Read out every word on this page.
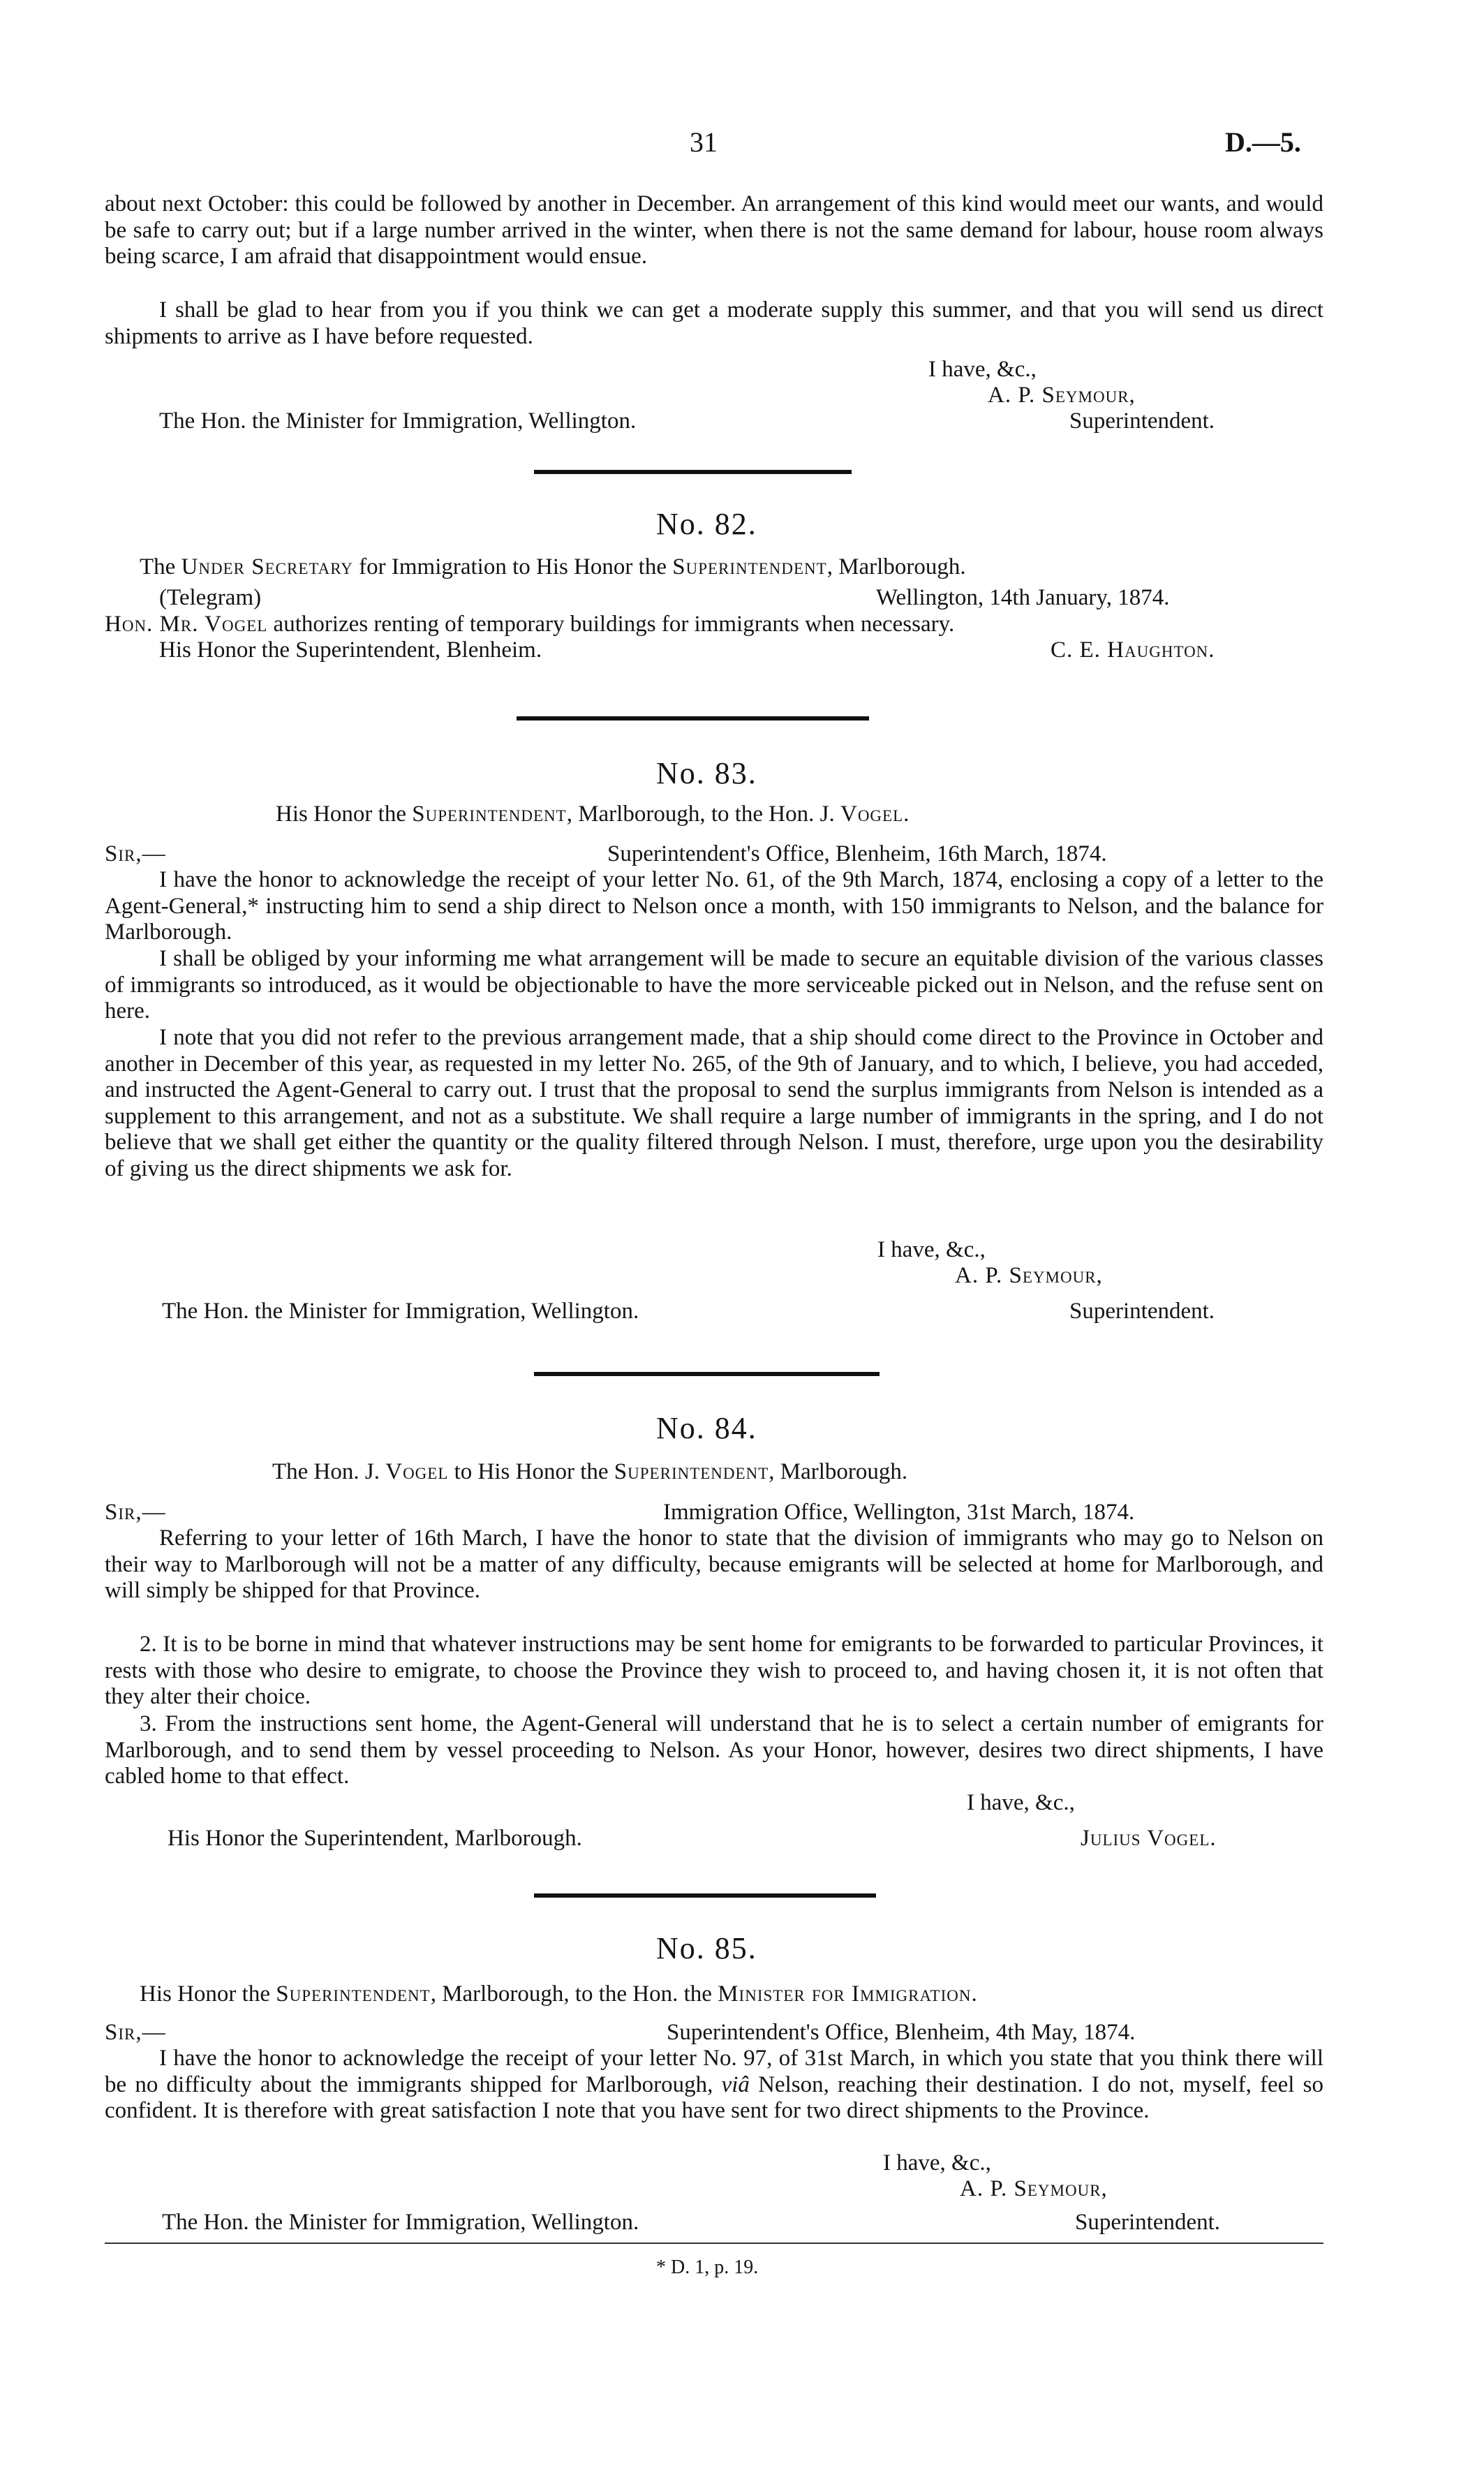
31	D.—5.
about next October: this could be followed by another in December. An arrangement of this kind would meet our wants, and would be safe to carry out; but if a large number arrived in the winter, when there is not the same demand for labour, house room always being scarce, I am afraid that disappointment would ensue.
I shall be glad to hear from you if you think we can get a moderate supply this summer, and that you will send us direct shipments to arrive as I have before requested.
I have, &c.,
A. P. Seymour,
The Hon. the Minister for Immigration, Wellington.	Superintendent.
No. 82.
The Under Secretary for Immigration to His Honor the Superintendent, Marlborough.
(Telegram)	Wellington, 14th January, 1874.
Hon. Mr. Vogel authorizes renting of temporary buildings for immigrants when necessary.
His Honor the Superintendent, Blenheim.	C. E. Haughton.
No. 83.
His Honor the Superintendent, Marlborough, to the Hon. J. Vogel.
Sir,—	Superintendent's Office, Blenheim, 16th March, 1874.
I have the honor to acknowledge the receipt of your letter No. 61, of the 9th March, 1874, enclosing a copy of a letter to the Agent-General,* instructing him to send a ship direct to Nelson once a month, with 150 immigrants to Nelson, and the balance for Marlborough.
I shall be obliged by your informing me what arrangement will be made to secure an equitable division of the various classes of immigrants so introduced, as it would be objectionable to have the more serviceable picked out in Nelson, and the refuse sent on here.
I note that you did not refer to the previous arrangement made, that a ship should come direct to the Province in October and another in December of this year, as requested in my letter No. 265, of the 9th of January, and to which, I believe, you had acceded, and instructed the Agent-General to carry out. I trust that the proposal to send the surplus immigrants from Nelson is intended as a supplement to this arrangement, and not as a substitute. We shall require a large number of immigrants in the spring, and I do not believe that we shall get either the quantity or the quality filtered through Nelson. I must, therefore, urge upon you the desirability of giving us the direct shipments we ask for.
I have, &c.,
A. P. Seymour,
The Hon. the Minister for Immigration, Wellington.	Superintendent.
No. 84.
The Hon. J. Vogel to His Honor the Superintendent, Marlborough.
Sir,—	Immigration Office, Wellington, 31st March, 1874.
Referring to your letter of 16th March, I have the honor to state that the division of immigrants who may go to Nelson on their way to Marlborough will not be a matter of any difficulty, because emigrants will be selected at home for Marlborough, and will simply be shipped for that Province.
2. It is to be borne in mind that whatever instructions may be sent home for emigrants to be forwarded to particular Provinces, it rests with those who desire to emigrate, to choose the Province they wish to proceed to, and having chosen it, it is not often that they alter their choice.
3. From the instructions sent home, the Agent-General will understand that he is to select a certain number of emigrants for Marlborough, and to send them by vessel proceeding to Nelson. As your Honor, however, desires two direct shipments, I have cabled home to that effect.
I have, &c.,
His Honor the Superintendent, Marlborough.	Julius Vogel.
No. 85.
His Honor the Superintendent, Marlborough, to the Hon. the Minister for Immigration.
Sir,—	Superintendent's Office, Blenheim, 4th May, 1874.
I have the honor to acknowledge the receipt of your letter No. 97, of 31st March, in which you state that you think there will be no difficulty about the immigrants shipped for Marlborough, viâ Nelson, reaching their destination. I do not, myself, feel so confident. It is therefore with great satisfaction I note that you have sent for two direct shipments to the Province.
I have, &c.,
A. P. Seymour,
The Hon. the Minister for Immigration, Wellington.	Superintendent.
* D. 1, p. 19.
